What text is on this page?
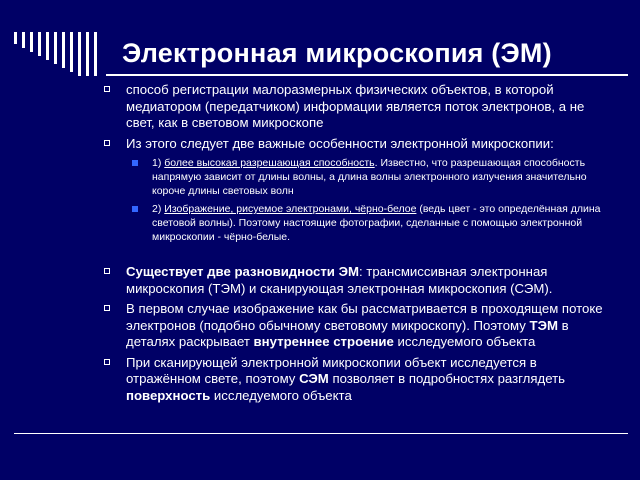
Электронная микроскопия (ЭМ)
способ регистрации малоразмерных физических объектов, в которой медиатором (передатчиком) информации является поток электронов, а не свет, как в световом микроскопе
Из этого следует две важные особенности электронной микроскопии:
1) более высокая разрешающая способность. Известно, что разрешающая способность напрямую зависит от длины волны, а длина волны электронного излучения значительно короче длины световых волн
2) Изображение, рисуемое электронами, чёрно-белое (ведь цвет - это определённая длина световой волны). Поэтому настоящие фотографии, сделанные с помощью электронной микроскопии - чёрно-белые.
Существует две разновидности ЭМ: трансмиссивная электронная микроскопия (ТЭМ) и сканирующая электронная микроскопия (СЭМ).
В первом случае изображение как бы рассматривается в проходящем потоке электронов (подобно обычному световому микроскопу). Поэтому ТЭМ в деталях раскрывает внутреннее строение исследуемого объекта
При сканирующей электронной микроскопии объект исследуется в отражённом свете, поэтому СЭМ позволяет в подробностях разглядеть поверхность исследуемого объекта
